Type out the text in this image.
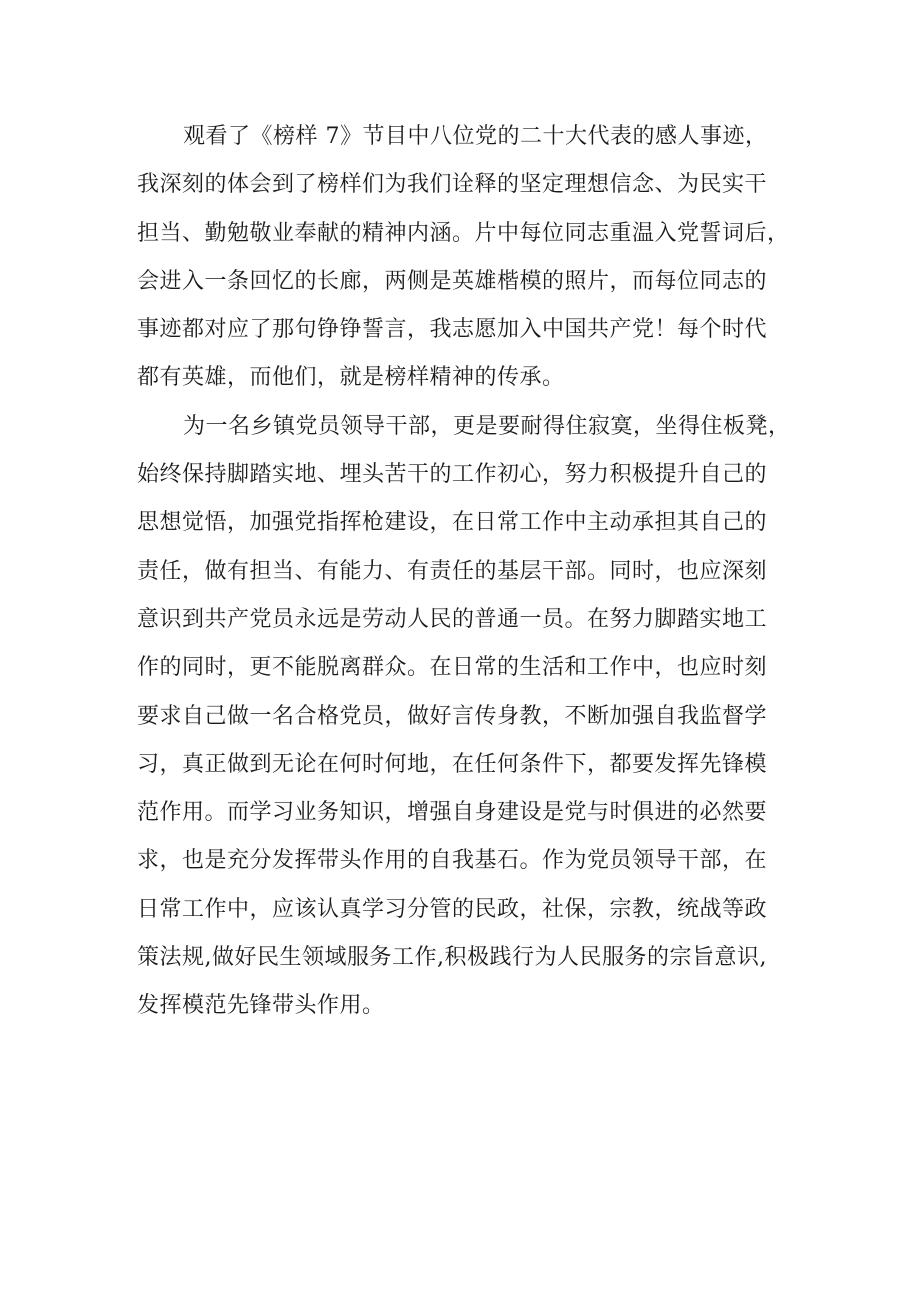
观看了《榜样 7》节目中八位党的二十大代表的感人事迹，
我深刻的体会到了榜样们为我们诠释的坚定理想信念、为民实干
担当、勤勉敬业奉献的精神内涵。片中每位同志重温入党誓词后，
会进入一条回忆的长廊，两侧是英雄楷模的照片，而每位同志的
事迹都对应了那句铮铮誓言，我志愿加入中国共产党！每个时代
都有英雄，而他们，就是榜样精神的传承。
为一名乡镇党员领导干部，更是要耐得住寂寞，坐得住板凳，
始终保持脚踏实地、埋头苦干的工作初心，努力积极提升自己的
思想觉悟，加强党指挥枪建设，在日常工作中主动承担其自己的
责任，做有担当、有能力、有责任的基层干部。同时，也应深刻
意识到共产党员永远是劳动人民的普通一员。在努力脚踏实地工
作的同时，更不能脱离群众。在日常的生活和工作中，也应时刻
要求自己做一名合格党员，做好言传身教，不断加强自我监督学
习，真正做到无论在何时何地，在任何条件下，都要发挥先锋模
范作用。而学习业务知识，增强自身建设是党与时俱进的必然要
求，也是充分发挥带头作用的自我基石。作为党员领导干部，在
日常工作中，应该认真学习分管的民政，社保，宗教，统战等政
策法规,做好民生领域服务工作,积极践行为人民服务的宗旨意识,
发挥模范先锋带头作用。
